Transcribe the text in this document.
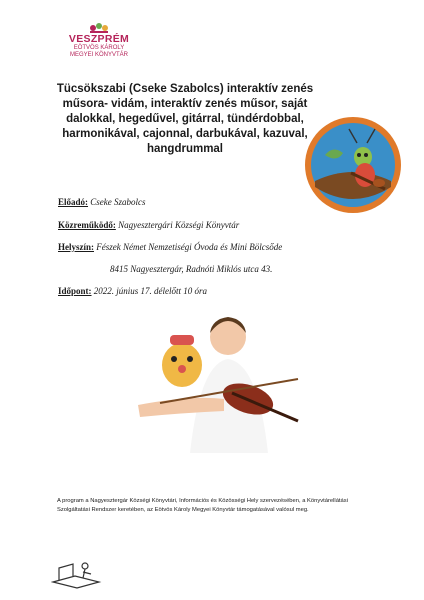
VESZPRÉM
EÖTVÖS KÁROLY
MEGYEI KÖNYVTÁR
Tücsökszabi (Cseke Szabolcs) interaktív zenés műsora- vidám, interaktív zenés műsor, saját dalokkal, hegedűvel, gitárral, tündérdobbal, harmonikával, cajonnal, darbukával, kazuval, hangdrummal
Előadó: Cseke Szabolcs
Közreműködő: Nagyesztergári Községi Könyvtár
Helyszín: Fészek Német Nemzetiségi Óvoda és Mini Bölcsőde
8415 Nagyesztergár, Radnóti Miklós utca 43.
Időpont: 2022. június 17. délelőtt 10 óra

A program a Nagyesztergár Községi Könyvtári, Információs és Közösségi Hely szervezésében, a Könyvtárellátási Szolgáltatási Rendszer keretében, az Eötvös Károly Megyei Könyvtár támogatásával valósul meg.
